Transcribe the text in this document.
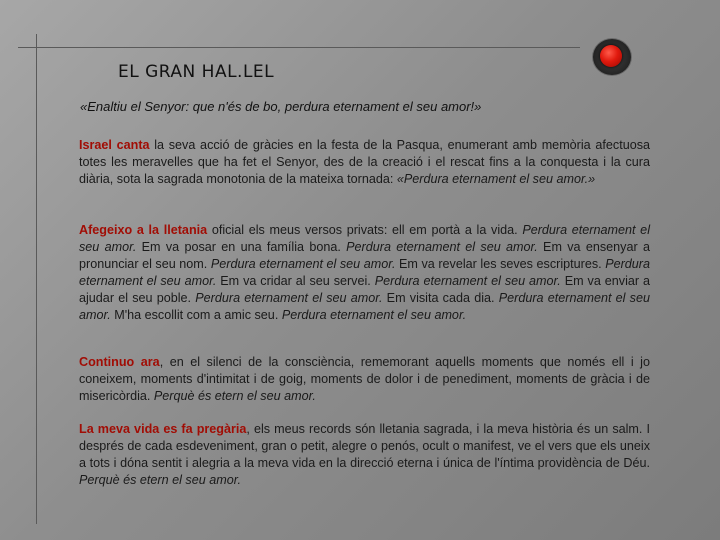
EL GRAN HAL.LEL
«Enaltiu el Senyor: que n'és de bo, perdura eternament el seu amor!»

Israel canta la seva acció de gràcies en la festa de la Pasqua, enumerant amb memòria afectuosa totes les meravelles que ha fet el Senyor, des de la creació i el rescat fins a la conquesta i la cura diària, sota la sagrada monotonia de la mateixa tornada: «Perdura eternament el seu amor.»

Afegeixo a la lletania oficial els meus versos privats: ell em portà a la vida. Perdura eternament el seu amor. Em va posar en una família bona. Perdura eternament el seu amor. Em va ensenyar a pronunciar el seu nom. Perdura eternament el seu amor. Em va revelar les seves escriptures. Perdura eternament el seu amor. Em va cridar al seu servei. Perdura eternament el seu amor. Em va enviar a ajudar el seu poble. Perdura eternament el seu amor. Em visita cada dia. Perdura eternament el seu amor. M'ha escollit com a amic seu. Perdura eternament el seu amor.

Continuo ara, en el silenci de la consciència, rememorant aquells moments que només ell i jo coneixem, moments d'intimitat i de goig, moments de dolor i de penediment, moments de gràcia i de misericòrdia. Perquè és etern el seu amor.

La meva vida es fa pregària, els meus records són lletania sagrada, i la meva història és un salm. I després de cada esdeveniment, gran o petit, alegre o penós, ocult o manifest, ve el vers que els uneix a tots i dóna sentit i alegria a la meva vida en la direcció eterna i única de l'íntima providència de Déu. Perquè és etern el seu amor.
